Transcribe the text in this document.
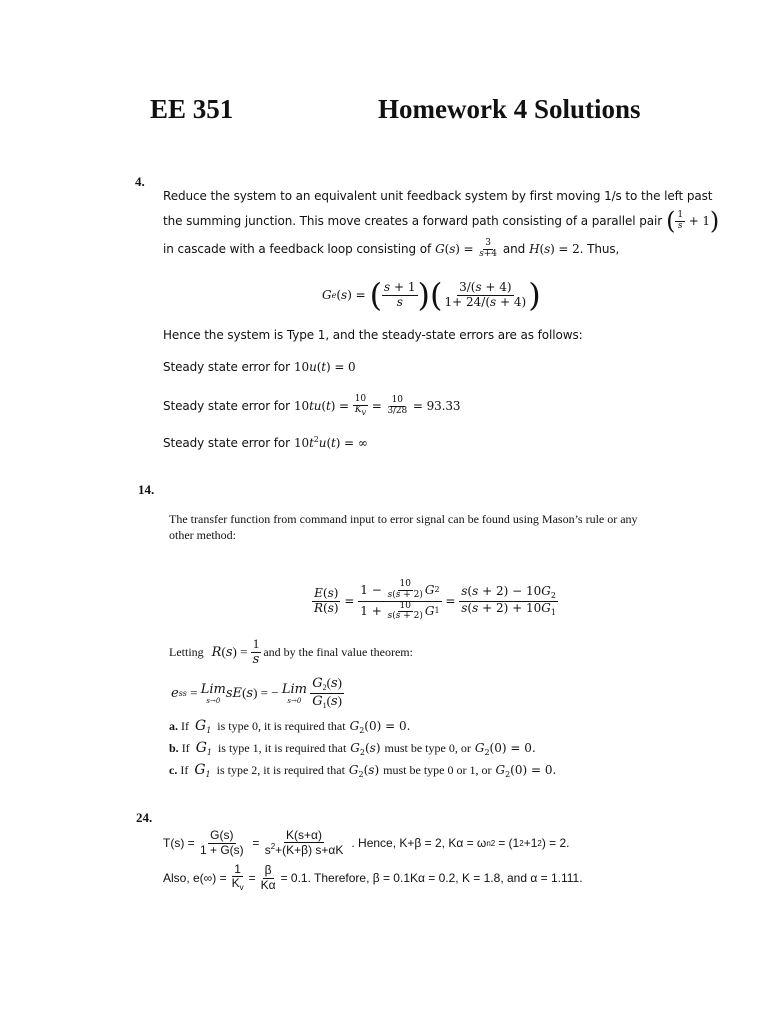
EE 351	Homework 4 Solutions
4.
Reduce the system to an equivalent unit feedback system by first moving 1/s to the left past
the summing junction. This move creates a forward path consisting of a parallel pair ( $\frac{1}{s} + 1$ )
in cascade with a feedback loop consisting of G ( s ) = $\frac{3}{s+4}$ and H(s) = 2 . Thus,
G e ( s ) = ( $\frac{s + 1}{s}$ ) ( $\frac{3/(s + 4)}{1+ 24/(s + 4)}$ )
Hence the system is Type 1, and the steady-state errors are as follows:
Steady state error for 10u(t) = 0
Steady state error for 10 tu ( t ) = $\frac{10}{Kv} = \frac{10}{3/28}$
= 93.33
Steady state error for $10t^2u(t)$ = ∞
14.
The transfer function from command input to error signal can be found using Mason’s rule or any
other method:
$\frac{E(s)}{R(s)} = \frac{1 - \frac{10}{s(s + 2)} G 2}{1 + \frac{10}{s(s + 2)} G 1} = \frac{s(s + 2) - 10G_2}{s(s + 2) + 10G_1}$
Letting R ( s ) = $\frac{1}{s}$ and by the final value theorem:
e ss = Lim
s→0 sE ( s ) = − Lim
s→0
$\frac{G_2(s)}{G_1(s)}$
a. If $G_1$ is type 0, it is required that $G_2(0) = 0$.
b. If $G_1$ is type 1, it is required that $G_2(s)$ must be type 0, or $G_2(0) = 0$.
c. If $G_1$ is type 2, it is required that $G_2(s)$ must be type 0 or 1, or $G_2(0) = 0$.
24.
$T(s) = \frac{G(s)}{1 + G(s)} = \frac{K(s+\alpha)}{s^2+(K+\beta) s+\alpha K}$ . Hence, K+β = 2, Kα = ω n 2 = (1 2 +1 2 ) = 2.
Also, $e(\infty) = \frac{1}{K_v} = \frac{\beta}{K\alpha} = 0.1$. Therefore, β = 0.1Kα = 0.2, K = 1.8, and α = 1.111.
